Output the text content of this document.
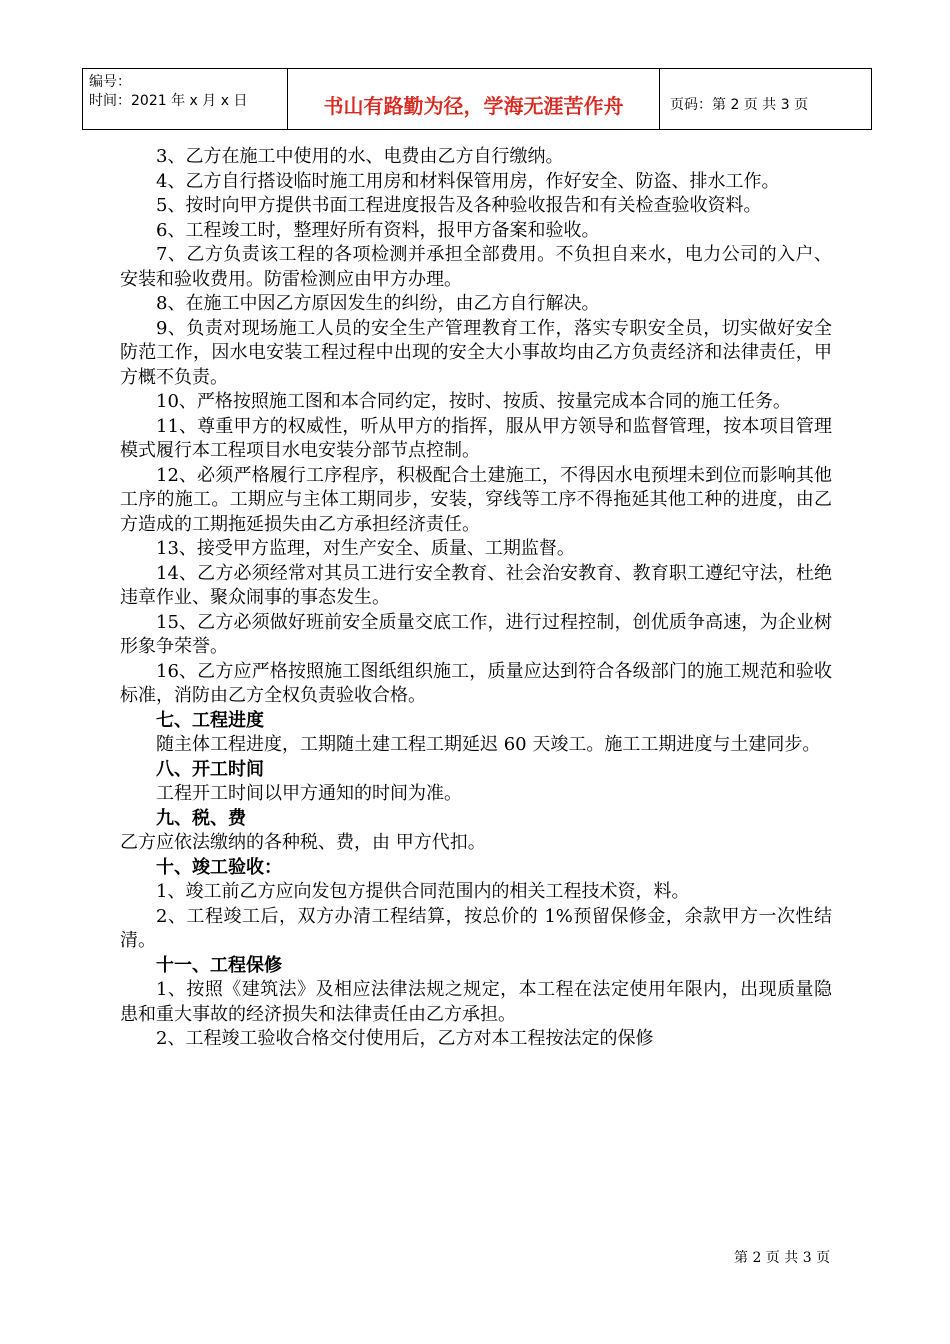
编号：
时间：2021 年 x 月 x 日	书山有路勤为径，学海无涯苦作舟	页码：第 2 页 共 3 页

3、乙方在施工中使用的水、电费由乙方自行缴纳。

4、乙方自行搭设临时施工用房和材料保管用房，作好安全、防盗、排水工作。

5、按时向甲方提供书面工程进度报告及各种验收报告和有关检查验收资料。

6、工程竣工时，整理好所有资料，报甲方备案和验收。

7、乙方负责该工程的各项检测并承担全部费用。不负担自来水，电力公司的入户、安装和验收费用。防雷检测应由甲方办理。

8、在施工中因乙方原因发生的纠纷，由乙方自行解决。

9、负责对现场施工人员的安全生产管理教育工作，落实专职安全员，切实做好安全防范工作，因水电安装工程过程中出现的安全大小事故均由乙方负责经济和法律责任，甲方概不负责。

10、严格按照施工图和本合同约定，按时、按质、按量完成本合同的施工任务。

11、尊重甲方的权威性，听从甲方的指挥，服从甲方领导和监督管理，按本项目管理模式履行本工程项目水电安装分部节点控制。

12、必须严格履行工序程序，积极配合土建施工，不得因水电预埋未到位而影响其他工序的施工。工期应与主体工期同步，安装，穿线等工序不得拖延其他工种的进度，由乙方造成的工期拖延损失由乙方承担经济责任。

13、接受甲方监理，对生产安全、质量、工期监督。

14、乙方必须经常对其员工进行安全教育、社会治安教育、教育职工遵纪守法，杜绝违章作业、聚众闹事的事态发生。

15、乙方必须做好班前安全质量交底工作，进行过程控制，创优质争高速，为企业树形象争荣誉。

16、乙方应严格按照施工图纸组织施工，质量应达到符合各级部门的施工规范和验收标准，消防由乙方全权负责验收合格。

七、工程进度

随主体工程进度，工期随土建工程工期延迟 60 天竣工。施工工期进度与土建同步。

八、开工时间

工程开工时间以甲方通知的时间为准。

九、税、费

乙方应依法缴纳的各种税、费，由 甲方代扣。

十、竣工验收：

1、竣工前乙方应向发包方提供合同范围内的相关工程技术资，料。

2、工程竣工后，双方办清工程结算，按总价的 1%预留保修金，余款甲方一次性结清。

十一、工程保修

1、按照《建筑法》及相应法律法规之规定，本工程在法定使用年限内，出现质量隐患和重大事故的经济损失和法律责任由乙方承担。

2、工程竣工验收合格交付使用后，乙方对本工程按法定的保修

第 2 页 共 3 页
